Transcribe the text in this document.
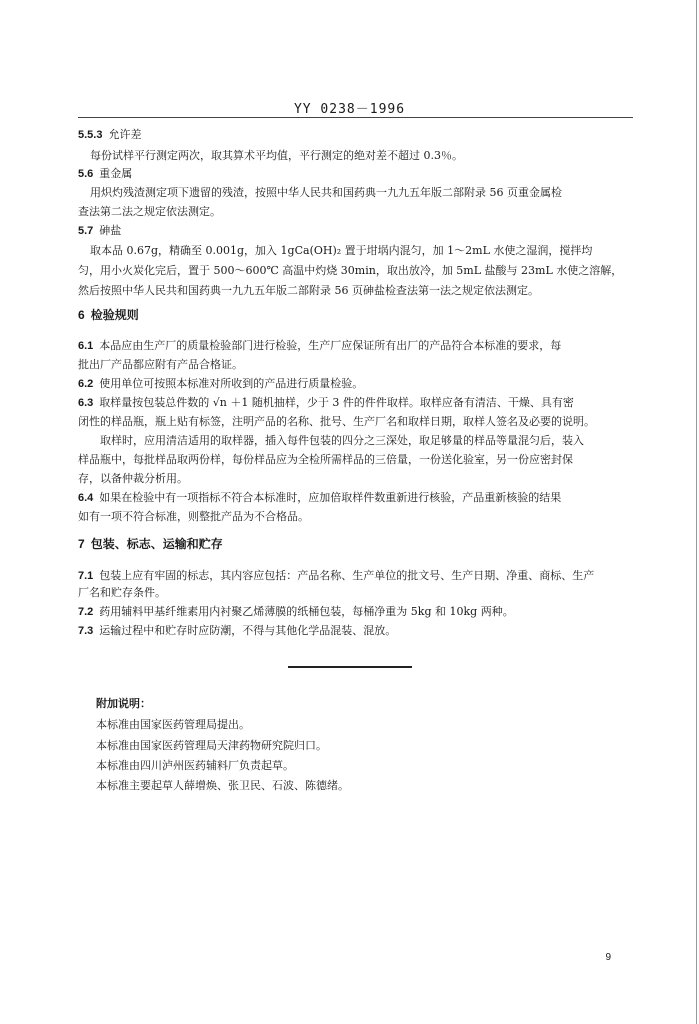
YY 0238－1996
5.5.3 允许差
每份试样平行测定两次，取其算术平均值，平行测定的绝对差不超过 0.3％。
5.6 重金属
用炽灼残渣测定项下遗留的残渣，按照中华人民共和国药典一九九五年版二部附录 56 页重金属检
查法第二法之规定依法测定。
5.7 砷盐
取本品 0.67g，精确至 0.001g，加入 1gCa(OH)₂ 置于坩埚内混匀，加 1～2mL 水使之湿润，搅拌均
匀，用小火炭化完后，置于 500～600℃ 高温中灼烧 30min，取出放冷，加 5mL 盐酸与 23mL 水使之溶解，
然后按照中华人民共和国药典一九九五年版二部附录 56 页砷盐检查法第一法之规定依法测定。
6 检验规则
6.1 本品应由生产厂的质量检验部门进行检验，生产厂应保证所有出厂的产品符合本标准的要求，每
批出厂产品都应附有产品合格证。
6.2 使用单位可按照本标准对所收到的产品进行质量检验。
6.3 取样量按包装总件数的 √n ＋1 随机抽样，少于 3 件的件件取样。取样应备有清洁、干燥、具有密
闭性的样品瓶，瓶上贴有标签，注明产品的名称、批号、生产厂名和取样日期，取样人签名及必要的说明。
取样时，应用清洁适用的取样器，插入每件包装的四分之三深处，取足够量的样品等量混匀后，装入
样品瓶中，每批样品取两份样，每份样品应为全检所需样品的三倍量，一份送化验室，另一份应密封保
存，以备仲裁分析用。
6.4 如果在检验中有一项指标不符合本标准时，应加倍取样件数重新进行核验，产品重新核验的结果
如有一项不符合标准，则整批产品为不合格品。
7 包装、标志、运输和贮存
7.1 包装上应有牢固的标志，其内容应包括：产品名称、生产单位的批文号、生产日期、净重、商标、生产
厂名和贮存条件。
7.2 药用辅料甲基纤维素用内衬聚乙烯薄膜的纸桶包装，每桶净重为 5kg 和 10kg 两种。
7.3 运输过程中和贮存时应防潮，不得与其他化学品混装、混放。
附加说明：
本标准由国家医药管理局提出。
本标准由国家医药管理局天津药物研究院归口。
本标准由四川泸州医药辅料厂负责起草。
本标准主要起草人薛增焕、张卫民、石波、陈德绪。
9
